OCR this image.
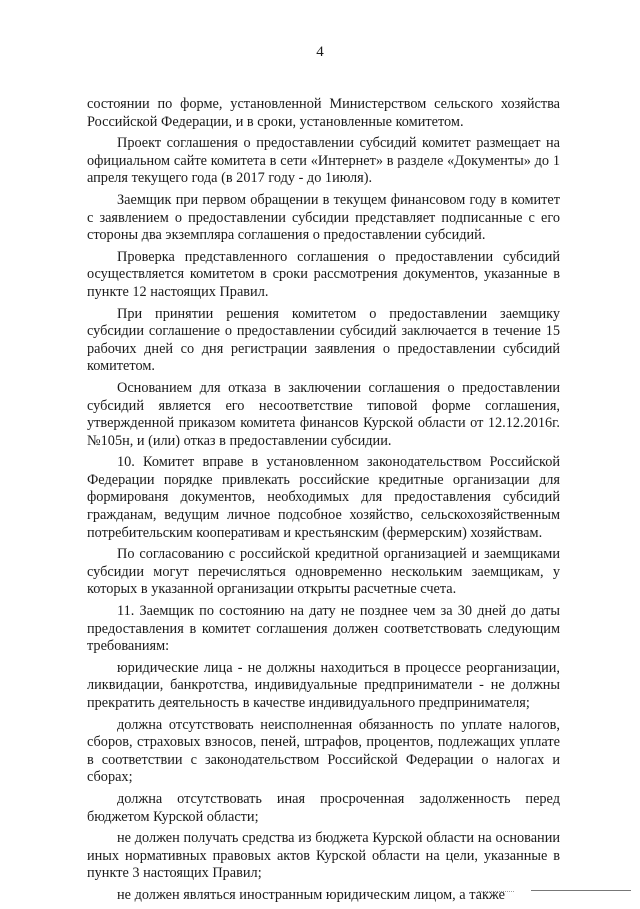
4

состоянии по форме, установленной Министерством сельского хозяйства Российской Федерации, и в сроки, установленные комитетом.

Проект соглашения о предоставлении субсидий комитет размещает на официальном сайте комитета в сети «Интернет» в разделе «Документы» до 1 апреля текущего года (в 2017 году - до 1июля).

Заемщик при первом обращении в текущем финансовом году в комитет с заявлением о предоставлении субсидии представляет подписанные с его стороны два экземпляра соглашения о предоставлении субсидий.

Проверка представленного соглашения о предоставлении субсидий осуществляется комитетом в сроки рассмотрения документов, указанные в пункте 12 настоящих Правил.

При принятии решения комитетом о предоставлении заемщику субсидии соглашение о предоставлении субсидий заключается в течение 15 рабочих дней со дня регистрации заявления о предоставлении субсидий комитетом.

Основанием для отказа в заключении соглашения о предоставлении субсидий является его несоответствие типовой форме соглашения, утвержденной приказом комитета финансов Курской области от 12.12.2016г. №105н, и (или) отказ в предоставлении субсидии.

10. Комитет вправе в установленном законодательством Российской Федерации порядке привлекать российские кредитные организации для формированя документов, необходимых для предоставления субсидий гражданам, ведущим личное подсобное хозяйство, сельскохозяйственным потребительским кооперативам и крестьянским (фермерским) хозяйствам.

По согласованию с российской кредитной организацией и заемщиками субсидии могут перечисляться одновременно нескольким заемщикам, у которых в указанной организации открыты расчетные счета.

11. Заемщик по состоянию на дату не позднее чем за 30 дней до даты предоставления в комитет соглашения должен соответствовать следующим требованиям:

юридические лица - не должны находиться в процессе реорганизации, ликвидации, банкротства, индивидуальные предприниматели - не должны прекратить деятельность в качестве индивидуального предпринимателя;

должна отсутствовать неисполненная обязанность по уплате налогов, сборов, страховых взносов, пеней, штрафов, процентов, подлежащих уплате в соответствии с законодательством Российской Федерации о налогах и сборах;

должна отсутствовать иная просроченная задолженность перед бюджетом Курской области;

не должен получать средства из бюджета Курской области на основании иных нормативных правовых актов Курской области на цели, указанные в пункте 3 настоящих Правил;

не должен являться иностранным юридическим лицом, а также
